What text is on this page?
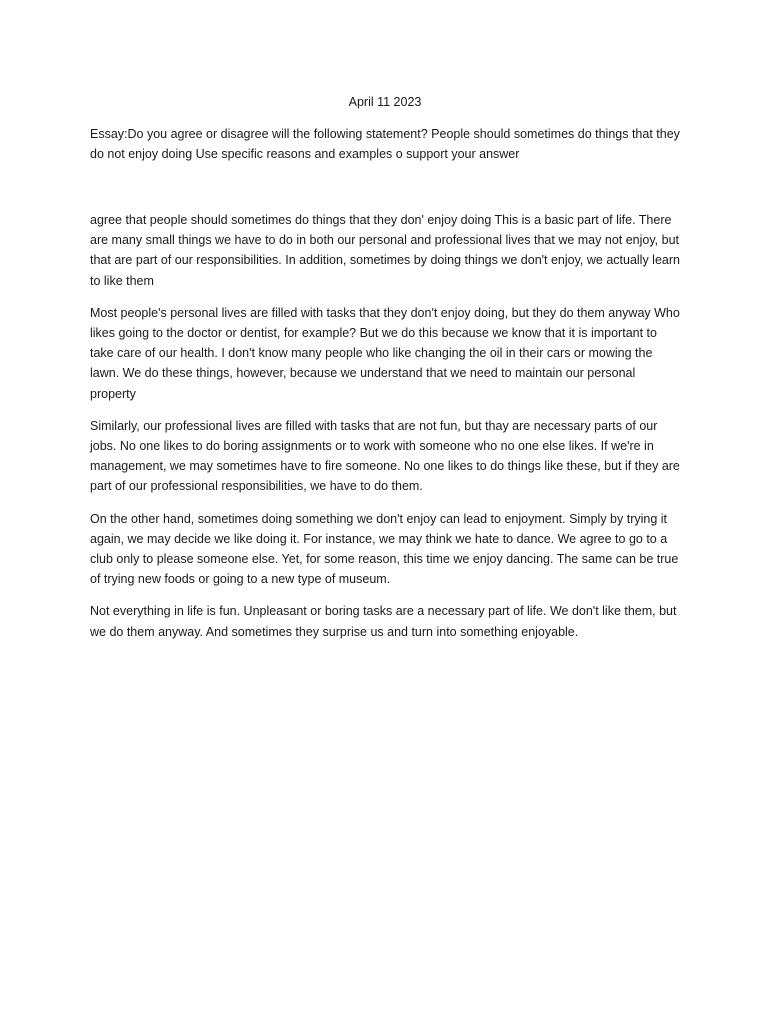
April 11 2023

Essay:Do you agree or disagree will the following statement? People should sometimes do things that they do not enjoy doing Use specific reasons and examples o support your answer

agree that people should sometimes do things that they don' enjoy doing This is a basic part of life. There are many small things we have to do in both our personal and professional lives that we may not enjoy, but that are part of our responsibilities. In addition, sometimes by doing things we don't enjoy, we actually learn to like them

Most people's personal lives are filled with tasks that they don't enjoy doing, but they do them anyway Who likes going to the doctor or dentist, for example? But we do this because we know that it is important to take care of our health. I don't know many people who like changing the oil in their cars or mowing the lawn. We do these things, however, because we understand that we need to maintain our personal property

Similarly, our professional lives are filled with tasks that are not fun, but thay are necessary parts of our jobs. No one likes to do boring assignments or to work with someone who no one else likes. If we're in management, we may sometimes have to fire someone. No one likes to do things like these, but if they are part of our professional responsibilities, we have to do them.

On the other hand, sometimes doing something we don't enjoy can lead to enjoyment. Simply by trying it again, we may decide we like doing it. For instance, we may think we hate to dance. We agree to go to a club only to please someone else. Yet, for some reason, this time we enjoy dancing. The same can be true of trying new foods or going to a new type of museum.

Not everything in life is fun. Unpleasant or boring tasks are a necessary part of life. We don't like them, but we do them anyway. And sometimes they surprise us and turn into something enjoyable.
